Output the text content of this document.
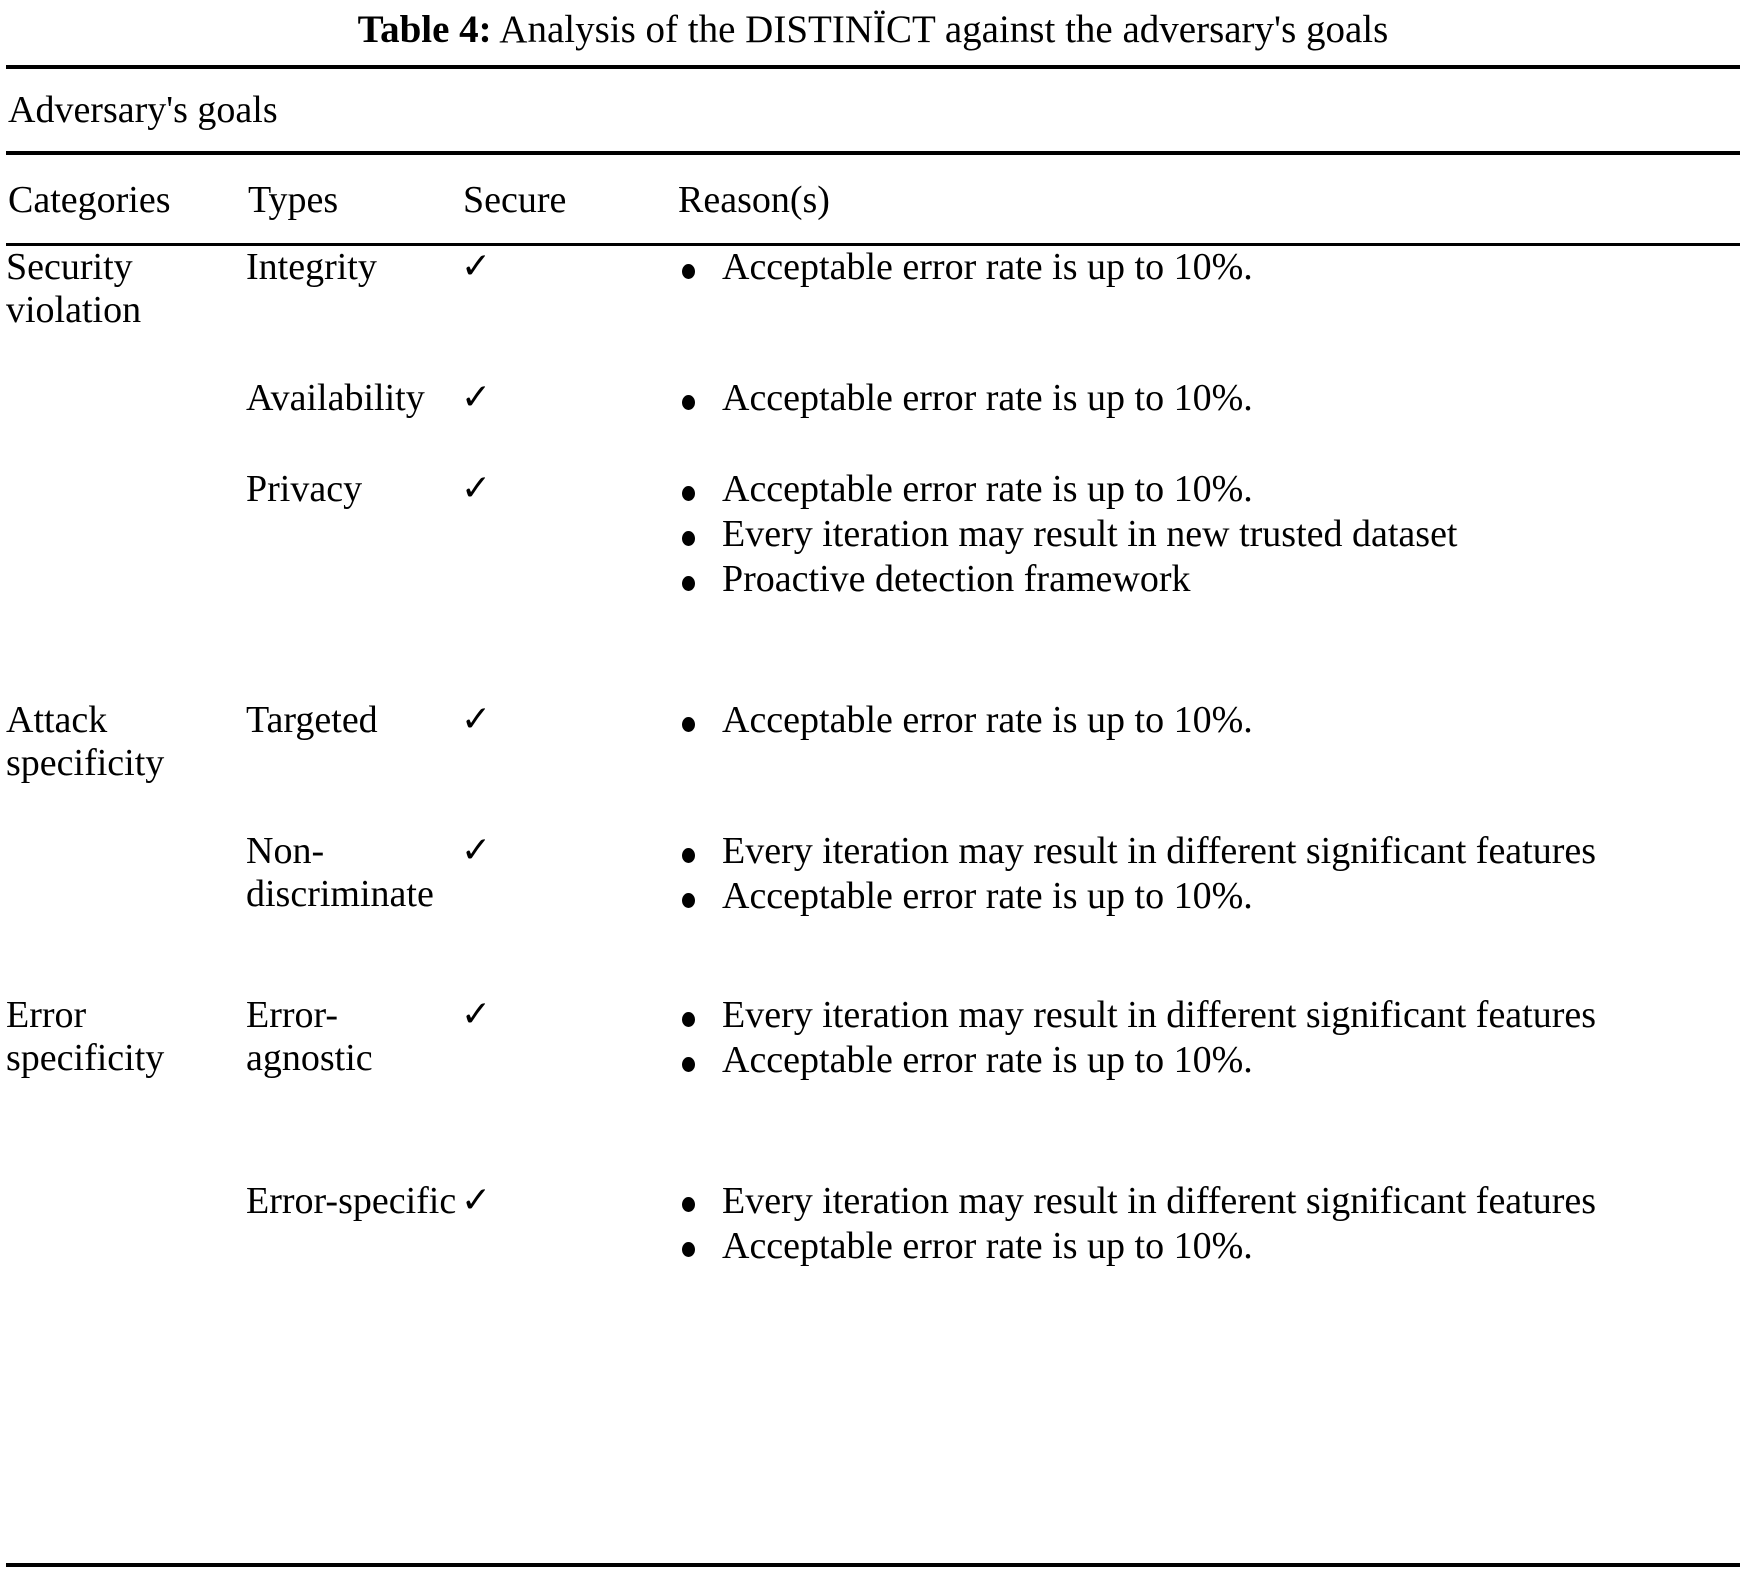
Table 4: Analysis of the DISTINÏCT against the adversary's goals
Adversary's goals
Categories	Types	Secure	Reason(s)
Security violation	Integrity	✓	Acceptable error rate is up to 10%.

	Availability	✓	Acceptable error rate is up to 10%.

	Privacy	✓	Acceptable error rate is up to 10%.
Every iteration may result in new trusted dataset
Proactive detection framework

Attack specificity	Targeted	✓	Acceptable error rate is up to 10%.

	Non-discriminate	✓	Every iteration may result in different significant features
Acceptable error rate is up to 10%.

Error specificity	Error-agnostic	✓	Every iteration may result in different significant features
Acceptable error rate is up to 10%.

	Error-specific	✓	Every iteration may result in different significant features
Acceptable error rate is up to 10%.
